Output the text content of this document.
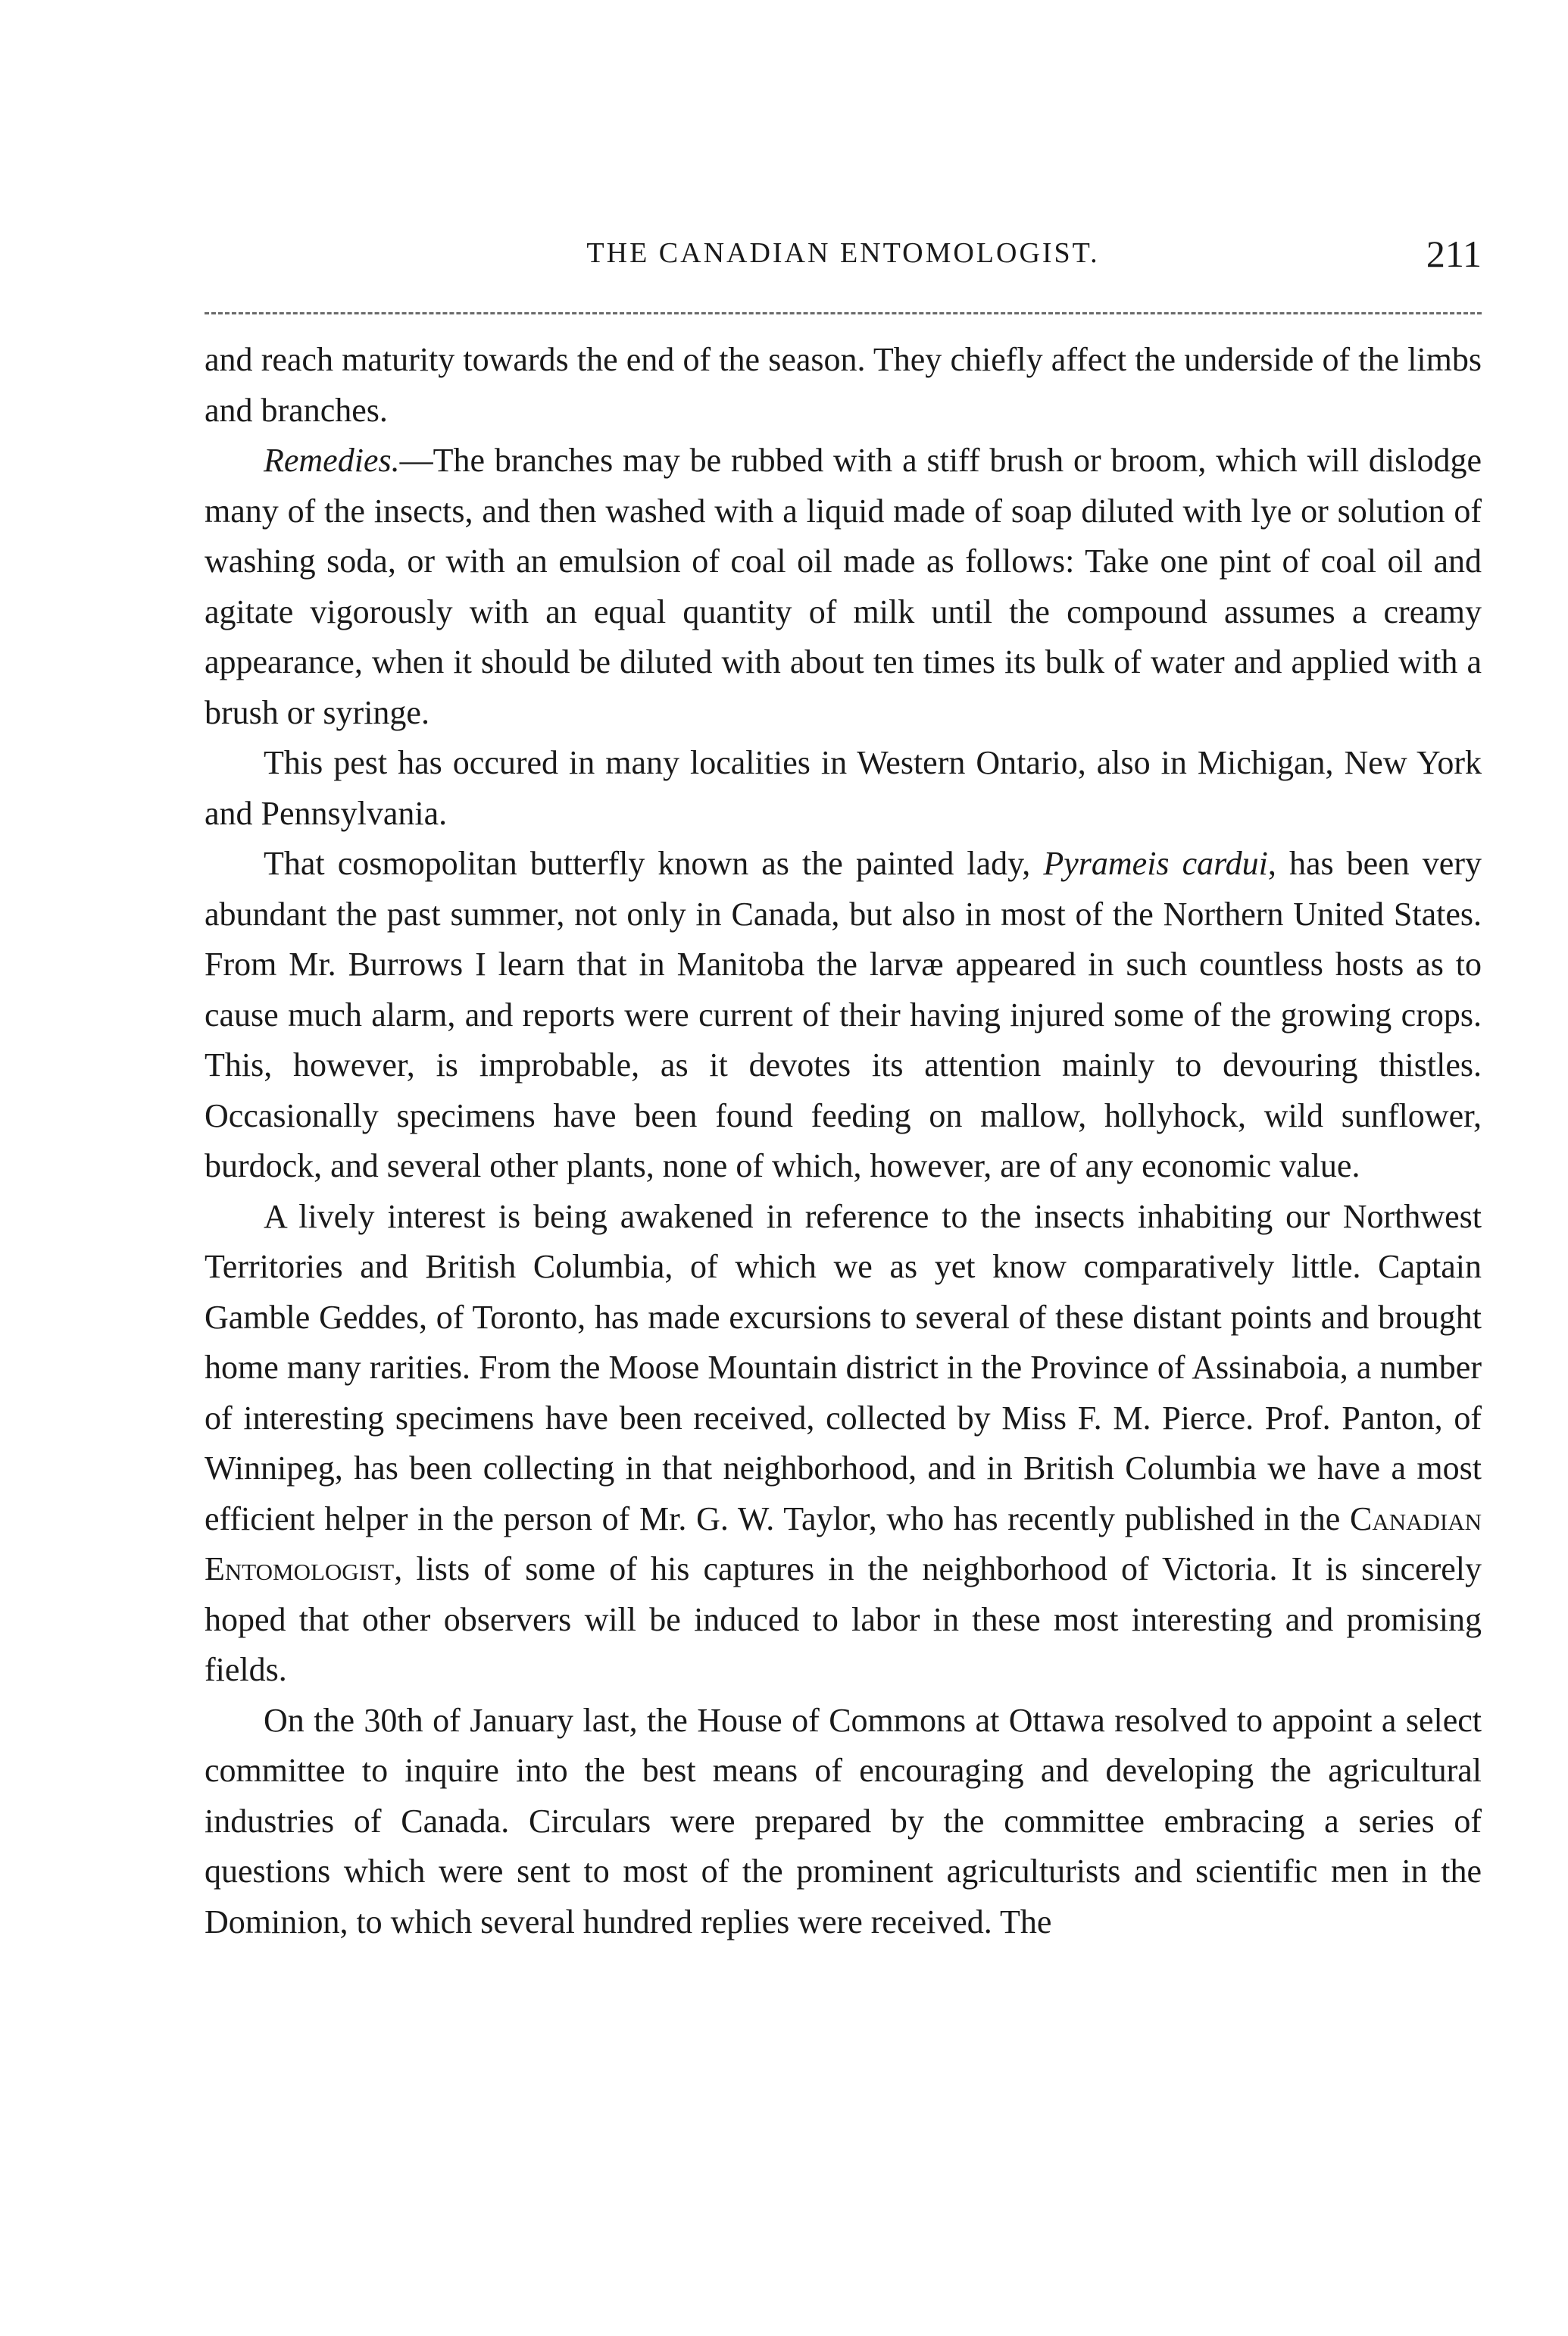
THE CANADIAN ENTOMOLOGIST.	211

and reach maturity towards the end of the season. They chiefly affect the underside of the limbs and branches.

Remedies.—The branches may be rubbed with a stiff brush or broom, which will dislodge many of the insects, and then washed with a liquid made of soap diluted with lye or solution of washing soda, or with an emulsion of coal oil made as follows: Take one pint of coal oil and agitate vigorously with an equal quantity of milk until the compound assumes a creamy appearance, when it should be diluted with about ten times its bulk of water and applied with a brush or syringe.

This pest has occured in many localities in Western Ontario, also in Michigan, New York and Pennsylvania.

That cosmopolitan butterfly known as the painted lady, Pyrameis cardui, has been very abundant the past summer, not only in Canada, but also in most of the Northern United States. From Mr. Burrows I learn that in Manitoba the larvæ appeared in such countless hosts as to cause much alarm, and reports were current of their having injured some of the growing crops. This, however, is improbable, as it devotes its attention mainly to devouring thistles. Occasionally specimens have been found feeding on mallow, hollyhock, wild sunflower, burdock, and several other plants, none of which, however, are of any economic value.

A lively interest is being awakened in reference to the insects inhabiting our Northwest Territories and British Columbia, of which we as yet know comparatively little. Captain Gamble Geddes, of Toronto, has made excursions to several of these distant points and brought home many rarities. From the Moose Mountain district in the Province of Assinaboia, a number of interesting specimens have been received, collected by Miss F. M. Pierce. Prof. Panton, of Winnipeg, has been collecting in that neighborhood, and in British Columbia we have a most efficient helper in the person of Mr. G. W. Taylor, who has recently published in the Canadian Entomologist, lists of some of his captures in the neighborhood of Victoria. It is sincerely hoped that other observers will be induced to labor in these most interesting and promising fields.

On the 30th of January last, the House of Commons at Ottawa resolved to appoint a select committee to inquire into the best means of encouraging and developing the agricultural industries of Canada. Circulars were prepared by the committee embracing a series of questions which were sent to most of the prominent agriculturists and scientific men in the Dominion, to which several hundred replies were received. The
